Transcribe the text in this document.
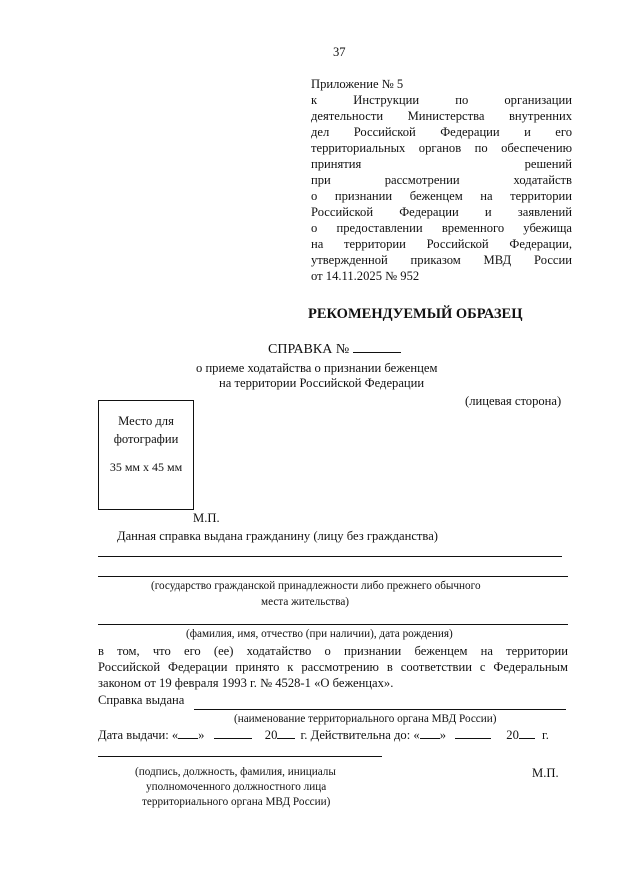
37
Приложение № 5
к Инструкции по организации
деятельности Министерства внутренних
дел Российской Федерации и его
территориальных органов по обеспечению
принятия решений
при рассмотрении ходатайств
о признании беженцем на территории
Российской Федерации и заявлений
о предоставлении временного убежища
на территории Российской Федерации,
утвержденной приказом МВД России
от 14.11.2025 № 952
РЕКОМЕНДУЕМЫЙ ОБРАЗЕЦ
СПРАВКА №
о приеме ходатайства о признании беженцем
на территории Российской Федерации
(лицевая сторона)
Место для
фотографии
35 мм х 45 мм
М.П.
Данная справка выдана гражданину (лицу без гражданства)
(государство гражданской принадлежности либо прежнего обычного
места жительства)
(фамилия, имя, отчество (при наличии), дата рождения)
в том, что его (ее) ходатайство о признании беженцем на территории
Российской Федерации принято к рассмотрению в соответствии с Федеральным
законом от 19 февраля 1993 г. № 4528-1 «О беженцах».
Справка выдана
(наименование территориального органа МВД России)
Дата выдачи: « »	20 г. Действительна до: « »	20 г.
(подпись, должность, фамилия, инициалы
уполномоченного должностного лица
территориального органа МВД России)
М.П.
